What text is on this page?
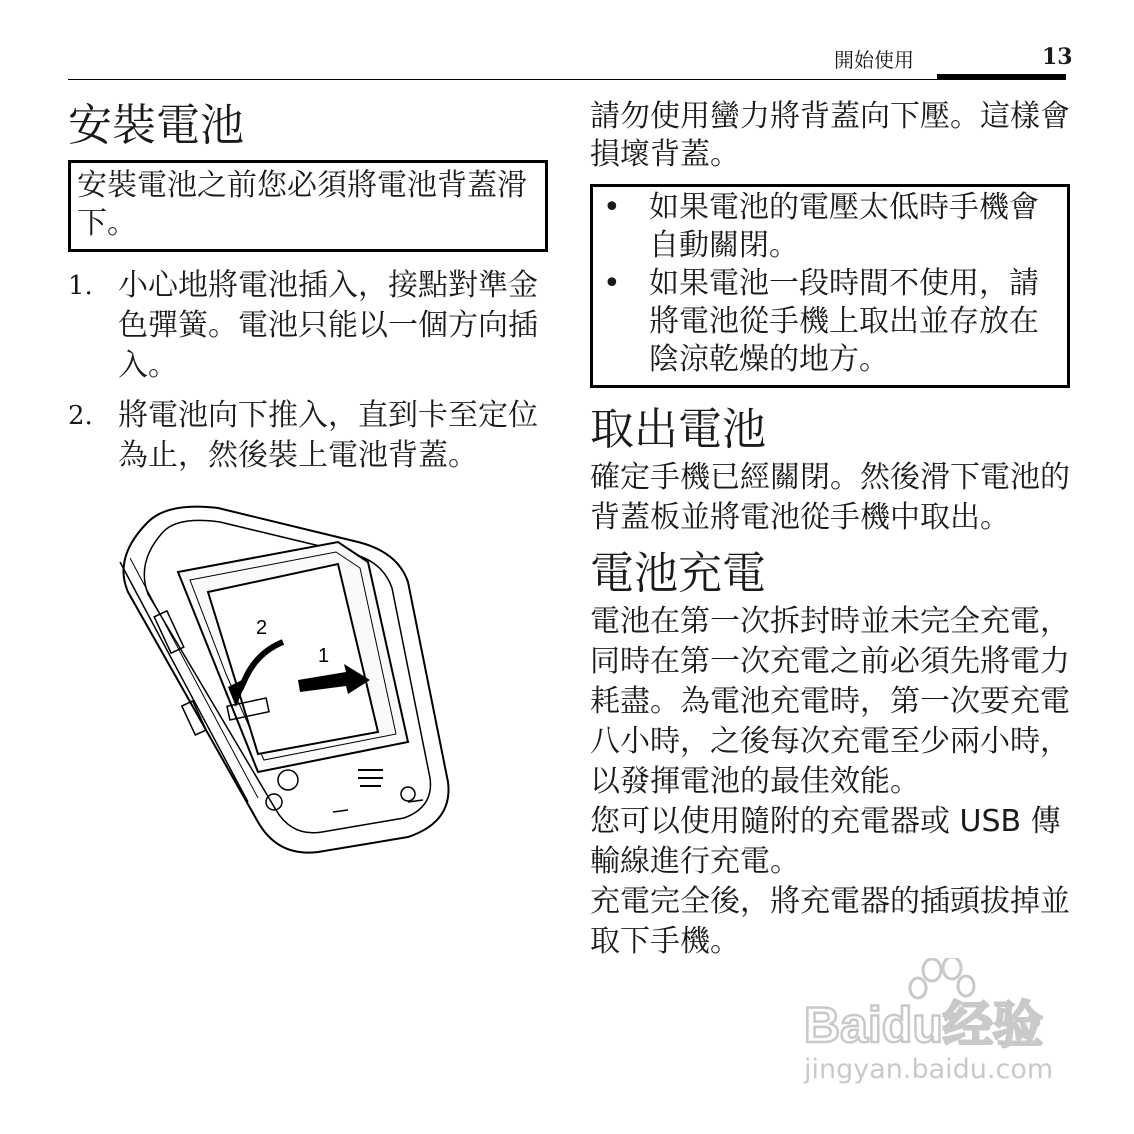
開始使用	13
安裝電池
安裝電池之前您必須將電池背蓋滑下。
1. 小心地將電池插入，接點對準金色彈簧。電池只能以一個方向插入。
2. 將電池向下推入，直到卡至定位為止，然後裝上電池背蓋。
2
1

請勿使用蠻力將背蓋向下壓。這樣會損壞背蓋。

• 如果電池的電壓太低時手機會自動關閉。
• 如果電池一段時間不使用，請將電池從手機上取出並存放在陰涼乾燥的地方。
取出電池

確定手機已經關閉。然後滑下電池的背蓋板並將電池從手機中取出。

電池充電

電池在第一次拆封時並未完全充電，同時在第一次充電之前必須先將電力耗盡。為電池充電時，第一次要充電八小時，之後每次充電至少兩小時，以發揮電池的最佳效能。

您可以使用隨附的充電器或 USB 傳輸線進行充電。

充電完全後，將充電器的插頭拔掉並取下手機。

Baidu经验
jingyan.baidu.com
